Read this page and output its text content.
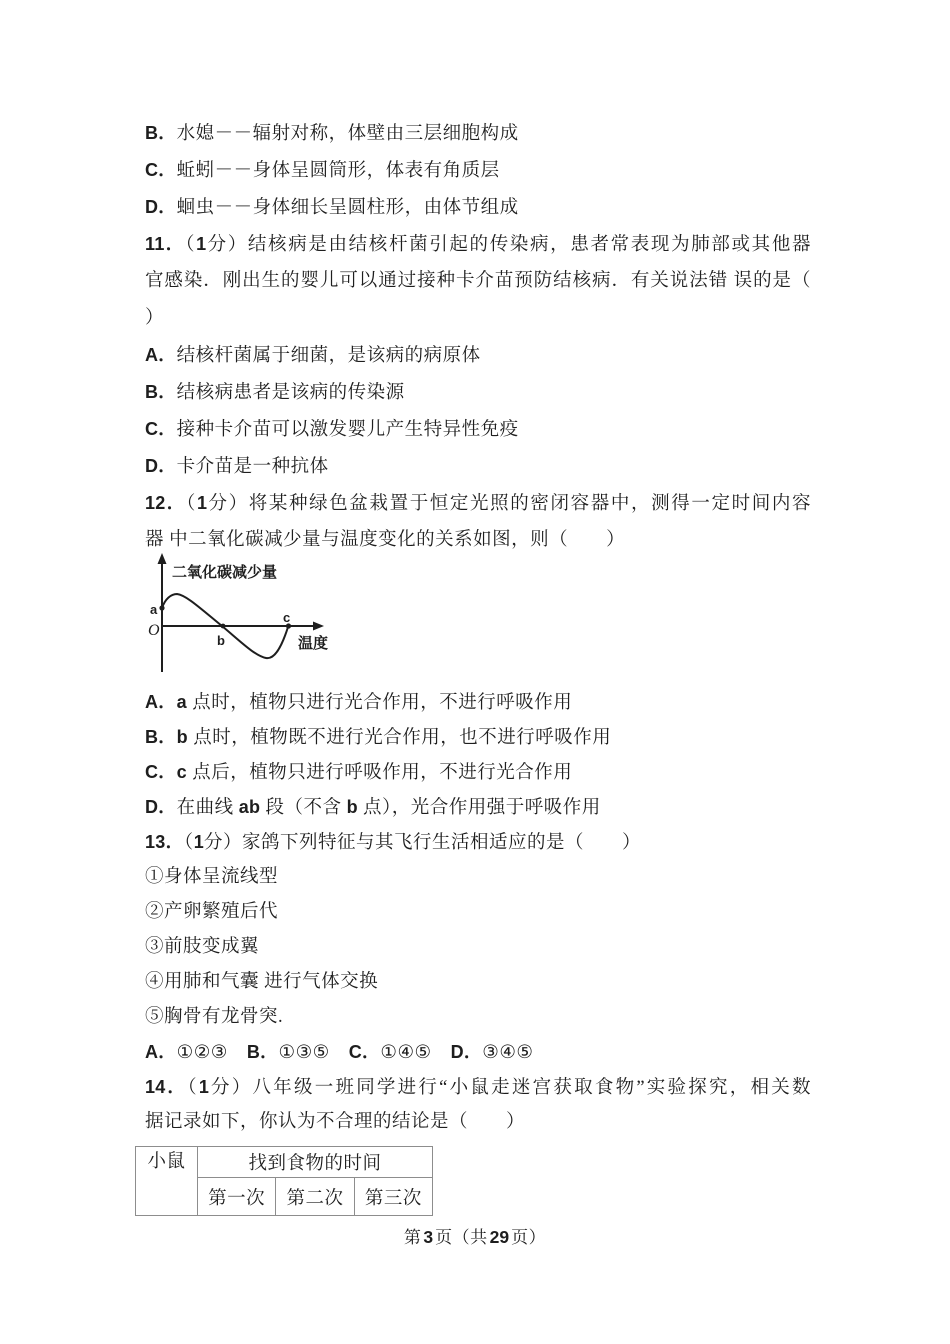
B．水媳－－辐射对称，体壁由三层细胞构成
C．蚯蚓－－身体呈圆筒形，体表有角质层
D．蛔虫－－身体细长呈圆柱形，由体节组成
11．（1分）结核病是由结核杆菌引起的传染病，患者常表现为肺部或其他器
官感染．刚出生的婴儿可以通过接种卡介苗预防结核病．有关说法错 误的是（
）
A．结核杆菌属于细菌，是该病的病原体
B．结核病患者是该病的传染源
C．接种卡介苗可以激发婴儿产生特异性免疫
D．卡介苗是一种抗体
12．（1分）将某种绿色盆栽置于恒定光照的密闭容器中，测得一定时间内容
器 中二氧化碳减少量与温度变化的关系如图，则（　　）
二氧化碳减少量
a
O
b
c
温度
A．a 点时，植物只进行光合作用，不进行呼吸作用
B．b 点时，植物既不进行光合作用，也不进行呼吸作用
C．c 点后，植物只进行呼吸作用，不进行光合作用
D．在曲线 ab 段（不含 b 点），光合作用强于呼吸作用
13．（1分）家鸽下列特征与其飞行生活相适应的是（　　）
①身体呈流线型
②产卵繁殖后代
③前肢变成翼
④用肺和气囊 进行气体交换
⑤胸骨有龙骨突.
A．①②③　B．①③⑤　C．①④⑤　D．③④⑤
14．（1分）八年级一班同学进行“小鼠走迷宫获取食物”实验探究，相关数
据记录如下，你认为不合理的结论是（　　）
小鼠	找到食物的时间		
	第一次	第二次	第三次
第 3 页（共 29 页）
